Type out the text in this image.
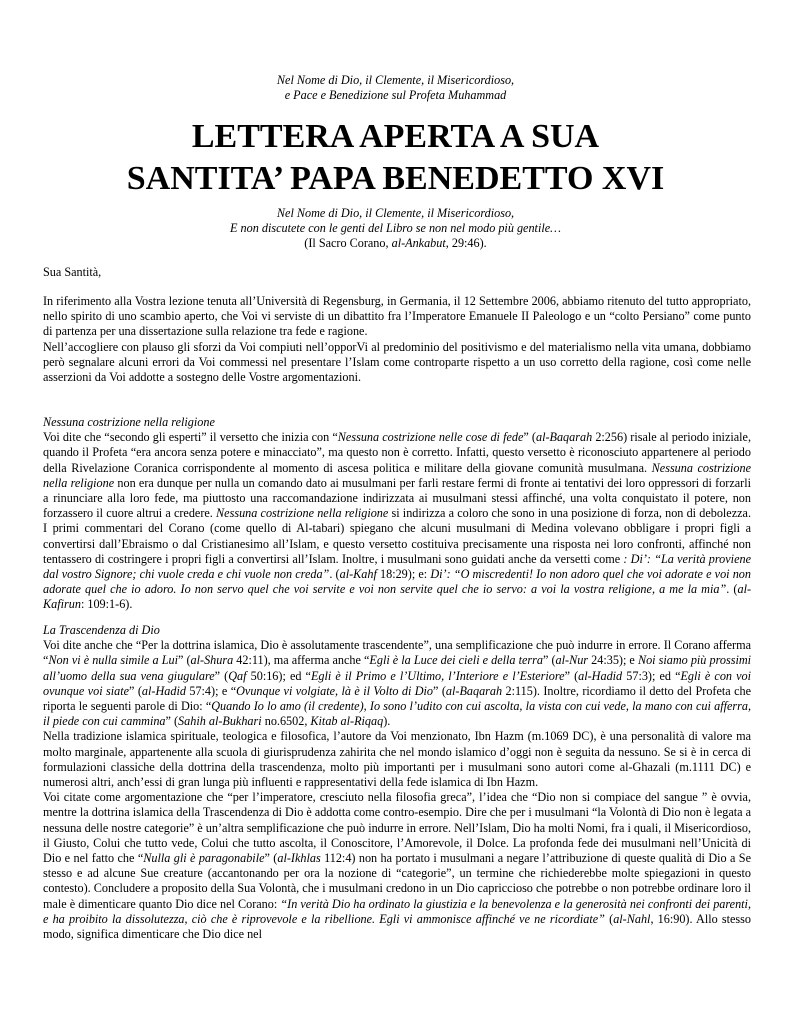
Nel Nome di Dio, il Clemente, il Misericordioso,
e Pace e Benedizione sul Profeta Muhammad
LETTERA APERTA A SUA
SANTITA’ PAPA BENEDETTO XVI
Nel Nome di Dio, il Clemente, il Misericordioso,
E non discutete con le genti del Libro se non nel modo più gentile…
(Il Sacro Corano, al-Ankabut, 29:46).

Sua Santità,

In riferimento alla Vostra lezione tenuta all’Università di Regensburg, in Germania, il 12 Settembre 2006, abbiamo ritenuto del tutto appropriato, nello spirito di uno scambio aperto, che Voi vi serviste di un dibattito fra l’Imperatore Emanuele II Paleologo e un “colto Persiano” come punto di partenza per una dissertazione sulla relazione tra fede e ragione.

Nell’accogliere con plauso gli sforzi da Voi compiuti nell’opporVi al predominio del positivismo e del materialismo nella vita umana, dobbiamo però segnalare alcuni errori da Voi commessi nel presentare l’Islam come controparte rispetto a un uso corretto della ragione, così come nelle asserzioni da Voi addotte a sostegno delle Vostre argomentazioni.

Nessuna costrizione nella religione

Voi dite che “secondo gli esperti” il versetto che inizia con “Nessuna costrizione nelle cose di fede” (al-Baqarah 2:256) risale al periodo iniziale, quando il Profeta “era ancora senza potere e minacciato”, ma questo non è corretto. Infatti, questo versetto è riconosciuto appartenere al periodo della Rivelazione Coranica corrispondente al momento di ascesa politica e militare della giovane comunità musulmana. Nessuna costrizione nella religione non era dunque per nulla un comando dato ai musulmani per farli restare fermi di fronte ai tentativi dei loro oppressori di forzarli a rinunciare alla loro fede, ma piuttosto una raccomandazione indirizzata ai musulmani stessi affinché, una volta conquistato il potere, non forzassero il cuore altrui a credere. Nessuna costrizione nella religione si indirizza a coloro che sono in una posizione di forza, non di debolezza. I primi commentari del Corano (come quello di Al-tabari) spiegano che alcuni musulmani di Medina volevano obbligare i propri figli a convertirsi dall’Ebraismo o dal Cristianesimo all’Islam, e questo versetto costituiva precisamente una risposta nei loro confronti, affinché non tentassero di costringere i propri figli a convertirsi all’Islam. Inoltre, i musulmani sono guidati anche da versetti come : Di’: “La verità proviene dal vostro Signore; chi vuole creda e chi vuole non creda”. (al-Kahf 18:29); e: Di’: “O miscredenti! Io non adoro quel che voi adorate e voi non adorate quel che io adoro. Io non servo quel che voi servite e voi non servite quel che io servo: a voi la vostra religione, a me la mia”. (al-Kafirun: 109:1-6).

La Trascendenza di Dio

Voi dite anche che “Per la dottrina islamica, Dio è assolutamente trascendente”, una semplificazione che può indurre in errore. Il Corano afferma “Non vi è nulla simile a Lui” (al-Shura 42:11), ma afferma anche “Egli è la Luce dei cieli e della terra” (al-Nur 24:35); e Noi siamo più prossimi all’uomo della sua vena giugulare” (Qaf 50:16); ed “Egli è il Primo e l’Ultimo, l’Interiore e l’Esteriore” (al-Hadid 57:3); ed “Egli è con voi ovunque voi siate” (al-Hadid 57:4); e “Ovunque vi volgiate, là è il Volto di Dio” (al-Baqarah 2:115). Inoltre, ricordiamo il detto del Profeta che riporta le seguenti parole di Dio: “Quando Io lo amo (il credente), Io sono l’udito con cui ascolta, la vista con cui vede, la mano con cui afferra, il piede con cui cammina” (Sahih al-Bukhari no.6502, Kitab al-Riqaq).

Nella tradizione islamica spirituale, teologica e filosofica, l’autore da Voi menzionato, Ibn Hazm (m.1069 DC), è una personalità di valore ma molto marginale, appartenente alla scuola di giurisprudenza zahirita che nel mondo islamico d’oggi non è seguita da nessuno. Se si è in cerca di formulazioni classiche della dottrina della trascendenza, molto più importanti per i musulmani sono autori come al-Ghazali (m.1111 DC) e numerosi altri, anch’essi di gran lunga più influenti e rappresentativi della fede islamica di Ibn Hazm.

Voi citate come argomentazione che “per l’imperatore, cresciuto nella filosofia greca”, l’idea che “Dio non si compiace del sangue ” è ovvia, mentre la dottrina islamica della Trascendenza di Dio è addotta come contro-esempio. Dire che per i musulmani “la Volontà di Dio non è legata a nessuna delle nostre categorie” è un’altra semplificazione che può indurre in errore. Nell’Islam, Dio ha molti Nomi, fra i quali, il Misericordioso, il Giusto, Colui che tutto vede, Colui che tutto ascolta, il Conoscitore, l’Amorevole, il Dolce. La profonda fede dei musulmani nell’Unicità di Dio e nel fatto che “Nulla gli è paragonabile” (al-Ikhlas 112:4) non ha portato i musulmani a negare l’attribuzione di queste qualità di Dio a Se stesso e ad alcune Sue creature (accantonando per ora la nozione di “categorie”, un termine che richiederebbe molte spiegazioni in questo contesto). Concludere a proposito della Sua Volontà, che i musulmani credono in un Dio capriccioso che potrebbe o non potrebbe ordinare loro il male è dimenticare quanto Dio dice nel Corano: “In verità Dio ha ordinato la giustizia e la benevolenza e la generosità nei confronti dei parenti, e ha proibito la dissolutezza, ciò che è riprovevole e la ribellione. Egli vi ammonisce affinché ve ne ricordiate” (al-Nahl, 16:90). Allo stesso modo, significa dimenticare che Dio dice nel
